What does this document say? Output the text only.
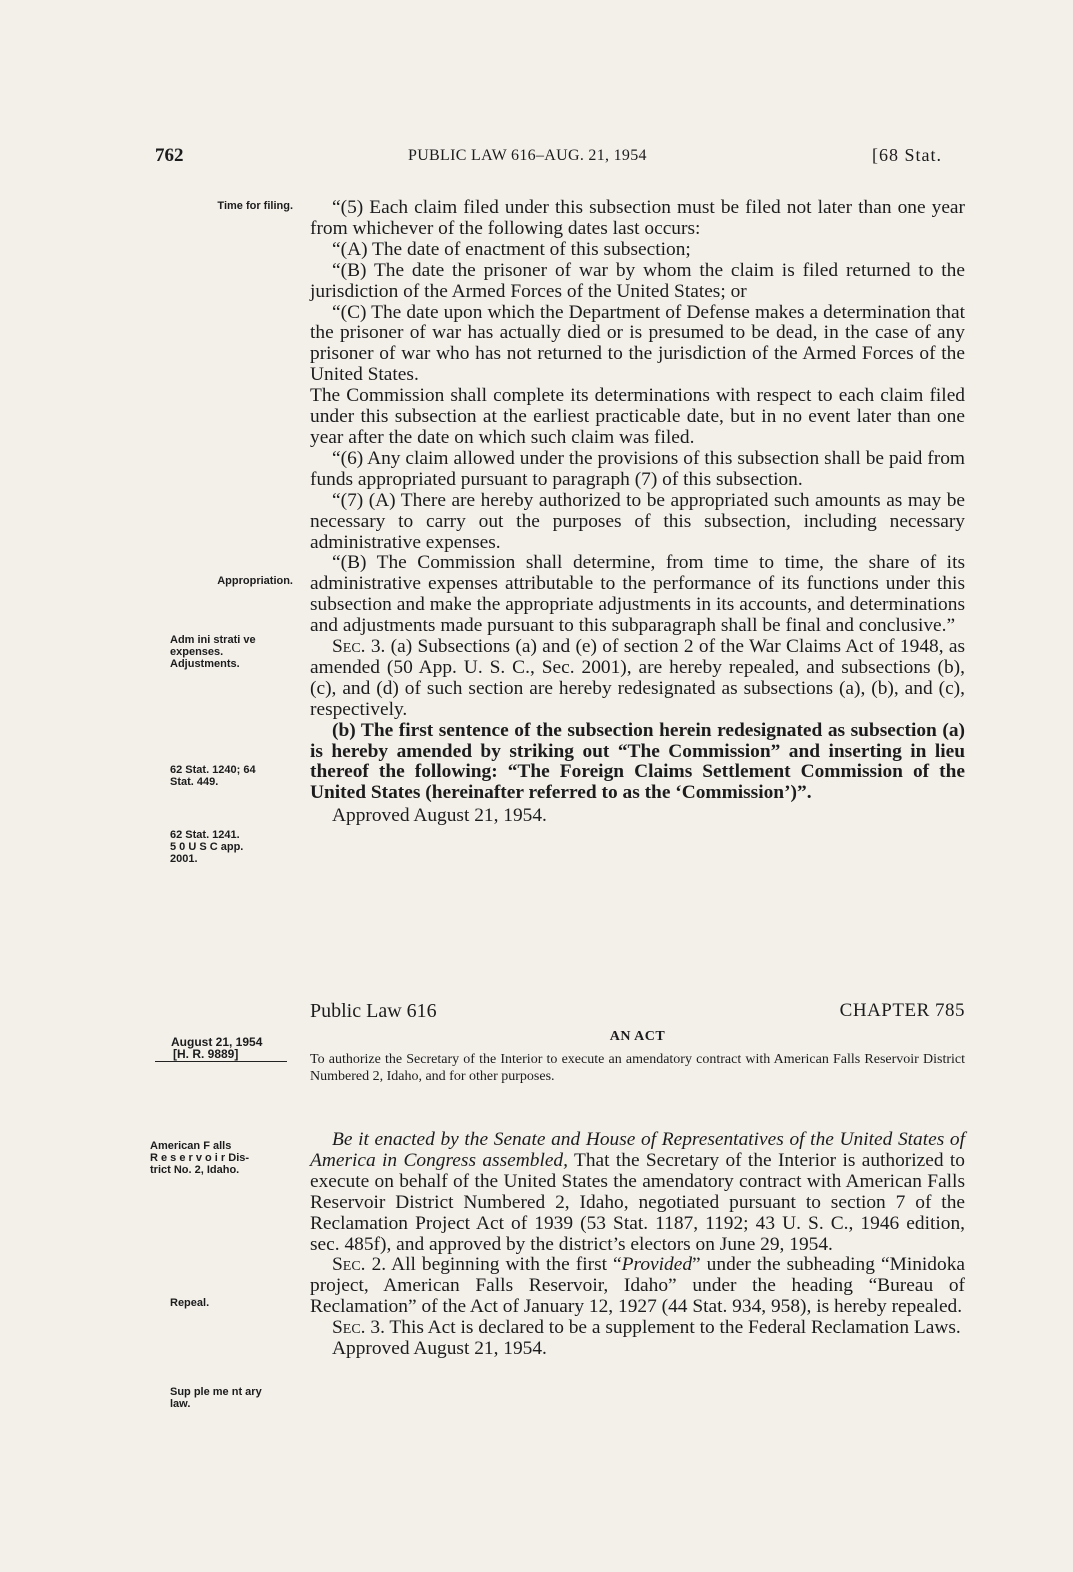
762	PUBLIC LAW 616–AUG. 21, 1954	[68 Stat.
Time for filing.
Appropriation.
Adm ini strati ve
expenses.
Adjustments.
62 Stat. 1240; 64
Stat. 449.
62 Stat. 1241.
5 0 U S C app.
2001.
August 21, 1954
[H. R. 9889]
American F alls
R e s e r v o i r Dis-
trict No. 2, Idaho.
Repeal.
Sup ple me nt ary
law.

“(5) Each claim filed under this subsection must be filed not later than one year from whichever of the following dates last occurs:

“(A) The date of enactment of this subsection;

“(B) The date the prisoner of war by whom the claim is filed returned to the jurisdiction of the Armed Forces of the United States; or

“(C) The date upon which the Department of Defense makes a determination that the prisoner of war has actually died or is presumed to be dead, in the case of any prisoner of war who has not returned to the jurisdiction of the Armed Forces of the United States.

The Commission shall complete its determinations with respect to each claim filed under this subsection at the earliest practicable date, but in no event later than one year after the date on which such claim was filed.

“(6) Any claim allowed under the provisions of this subsection shall be paid from funds appropriated pursuant to paragraph (7) of this subsection.

“(7) (A) There are hereby authorized to be appropriated such amounts as may be necessary to carry out the purposes of this subsection, including necessary administrative expenses.

“(B) The Commission shall determine, from time to time, the share of its administrative expenses attributable to the performance of its functions under this subsection and make the appropriate adjustments in its accounts, and determinations and adjustments made pursuant to this subparagraph shall be final and conclusive.”

Sec. 3. (a) Subsections (a) and (e) of section 2 of the War Claims Act of 1948, as amended (50 App. U. S. C., Sec. 2001), are hereby repealed, and subsections (b), (c), and (d) of such section are hereby redesignated as subsections (a), (b), and (c), respectively.

(b) The first sentence of the subsection herein redesignated as subsection (a) is hereby amended by striking out “The Commission” and inserting in lieu thereof the following: “The Foreign Claims Settlement Commission of the United States (hereinafter referred to as the ‘Commission’)”.

Approved August 21, 1954.

Public Law 616	CHAPTER 785
AN ACT
To authorize the Secretary of the Interior to execute an amendatory contract with American Falls Reservoir District Numbered 2, Idaho, and for other purposes.

Be it enacted by the Senate and House of Representatives of the United States of America in Congress assembled, That the Secretary of the Interior is authorized to execute on behalf of the United States the amendatory contract with American Falls Reservoir District Numbered 2, Idaho, negotiated pursuant to section 7 of the Reclamation Project Act of 1939 (53 Stat. 1187, 1192; 43 U. S. C., 1946 edition, sec. 485f), and approved by the district’s electors on June 29, 1954.

Sec. 2. All beginning with the first “Provided” under the subheading “Minidoka project, American Falls Reservoir, Idaho” under the heading “Bureau of Reclamation” of the Act of January 12, 1927 (44 Stat. 934, 958), is hereby repealed.

Sec. 3. This Act is declared to be a supplement to the Federal Reclamation Laws.

Approved August 21, 1954.
